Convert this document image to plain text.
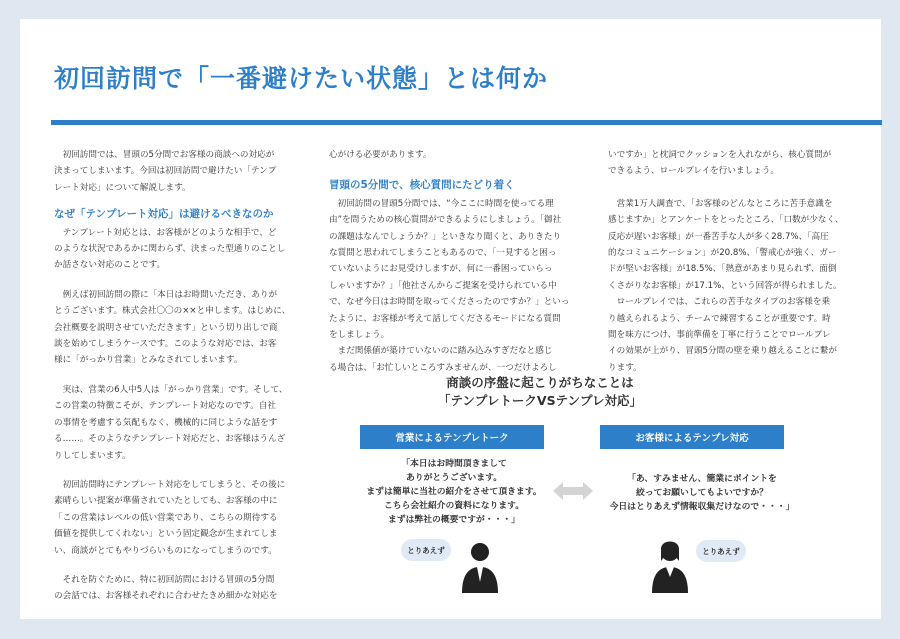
初回訪問で「一番避けたい状態」とは何か

初回訪問では、冒頭の5分間でお客様の商談への対応が
決まってしまいます。今回は初回訪問で避けたい「テンプ
レート対応」について解説します。

なぜ「テンプレート対応」は避けるべきなのか

テンプレート対応とは、お客様がどのような相手で、ど
のような状況であるかに関わらず、決まった型通りのことし
か話さない対応のことです。

例えば初回訪問の際に「本日はお時間いただき、ありが
とうございます。株式会社〇〇の××と申します。はじめに、
会社概要を説明させていただきます」という切り出しで商
談を始めてしまうケースです。このような対応では、お客
様に「がっかり営業」とみなされてしまいます。

実は、営業の6人中5人は「がっかり営業」です。そして、
この営業の特徴こそが、テンプレート対応なのです。自社
の事情を考慮する気配もなく、機械的に同じような話をす
る……。そのようなテンプレート対応だと、お客様はうんざ
りしてしまいます。

初回訪問時にテンプレート対応をしてしまうと、その後に
素晴らしい提案が準備されていたとしても、お客様の中に
「この営業はレベルの低い営業であり、こちらの期待する
価値を提供してくれない」という固定観念が生まれてしま
い、商談がとてもやりづらいものになってしまうのです。

それを防ぐために、特に初回訪問における冒頭の5分間
の会話では、お客様それぞれに合わせたきめ細かな対応を

心がける必要があります。

冒頭の5分間で、核心質問にたどり着く

初回訪問の冒頭5分間では、“今ここに時間を使ってる理
由”を問うための核心質問ができるようにしましょう。「御社
の課題はなんでしょうか？」といきなり聞くと、ありきたり
な質問と思われてしまうこともあるので、「一見すると困っ
ていないようにお見受けしますが、何に一番困っていらっ
しゃいますか？」「他社さんからご提案を受けられている中
で、なぜ今日はお時間を取ってくださったのですか？」といっ
たように、お客様が考えて話してくださるモードになる質問
をしましょう。

まだ関係値が築けていないのに踏み込みすぎだなと感じ
る場合は、「お忙しいところすみませんが、一つだけよろし

いですか」と枕詞でクッションを入れながら、核心質問が
できるよう、ロールプレイを行いましょう。

営業1万人調査で、「お客様のどんなところに苦手意識を
感じますか」とアンケートをとったところ、「口数が少なく、
反応が遅いお客様」が一番苦手な人が多く28.7%、「高圧
的なコミュニケーション」が20.8%、「警戒心が強く、ガー
ドが堅いお客様」が18.5%、「熱意があまり見られず、面倒
くさがりなお客様」が17.1%、という回答が得られました。

ロールプレイでは、これらの苦手なタイプのお客様を乗
り越えられるよう、チームで練習することが重要です。時
間を味方につけ、事前準備を丁寧に行うことでロールプレ
イの効果が上がり、冒頭5分間の壁を乗り越えることに繋が
ります。

商談の序盤に起こりがちなことは
「テンプレトークVSテンプレ対応」
営業によるテンプレトーク	お客様によるテンプレ対応
「本日はお時間頂きまして
ありがとうございます。
まずは簡単に当社の紹介をさせて頂きます。
こちら会社紹介の資料になります。
まずは弊社の概要ですが・・・」
「あ、すみません、簡業にポイントを
絞ってお願いしてもよいですか？
今日はとりあえず情報収集だけなので・・・」
とりあえず	とりあえず
